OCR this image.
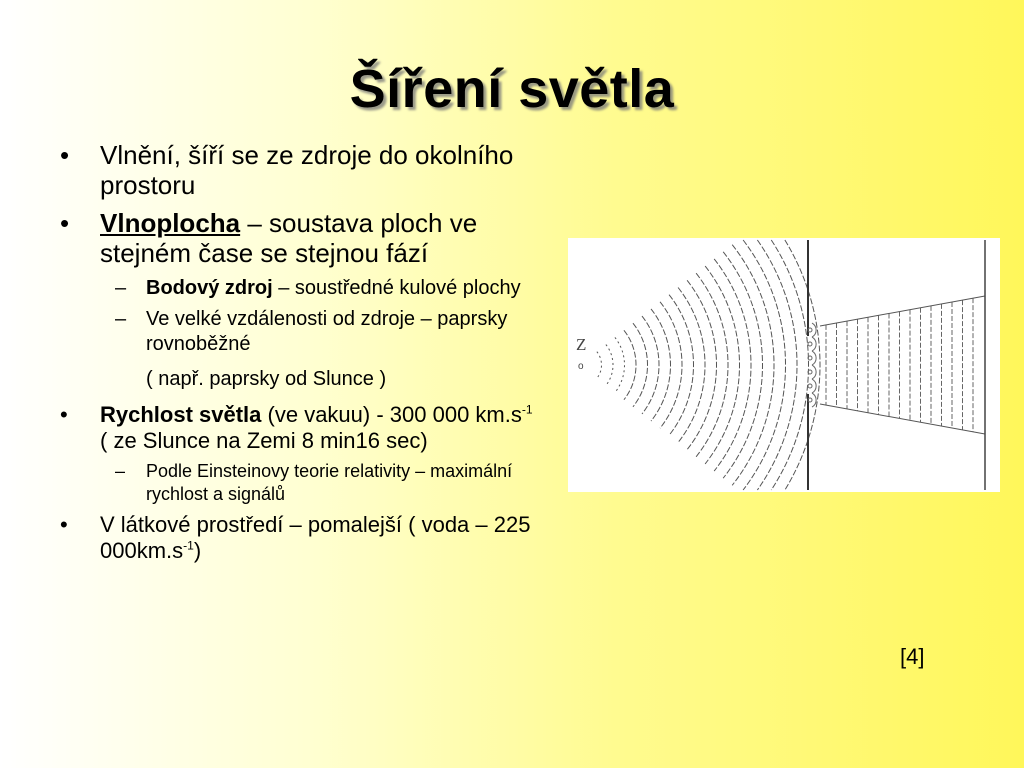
Šíření světla
• Vlnění, šíří se ze zdroje do okolního prostoru
• Vlnoplocha – soustava ploch ve stejném čase se stejnou fází
– Bodový zdroj – soustředné kulové plochy
– Ve velké vzdálenosti od zdroje – paprsky rovnoběžné
( např. paprsky od Slunce )
• Rychlost světla (ve vakuu) - 300 000 $km.s^{-1}$ ( ze Slunce na Zemi 8 min16 sec)
– Podle Einsteinovy teorie relativity – maximální rychlost a signálů
• V látkové prostředí – pomalejší ( voda – 225 $000km.s^{-1}$)
Z
o
[4]
